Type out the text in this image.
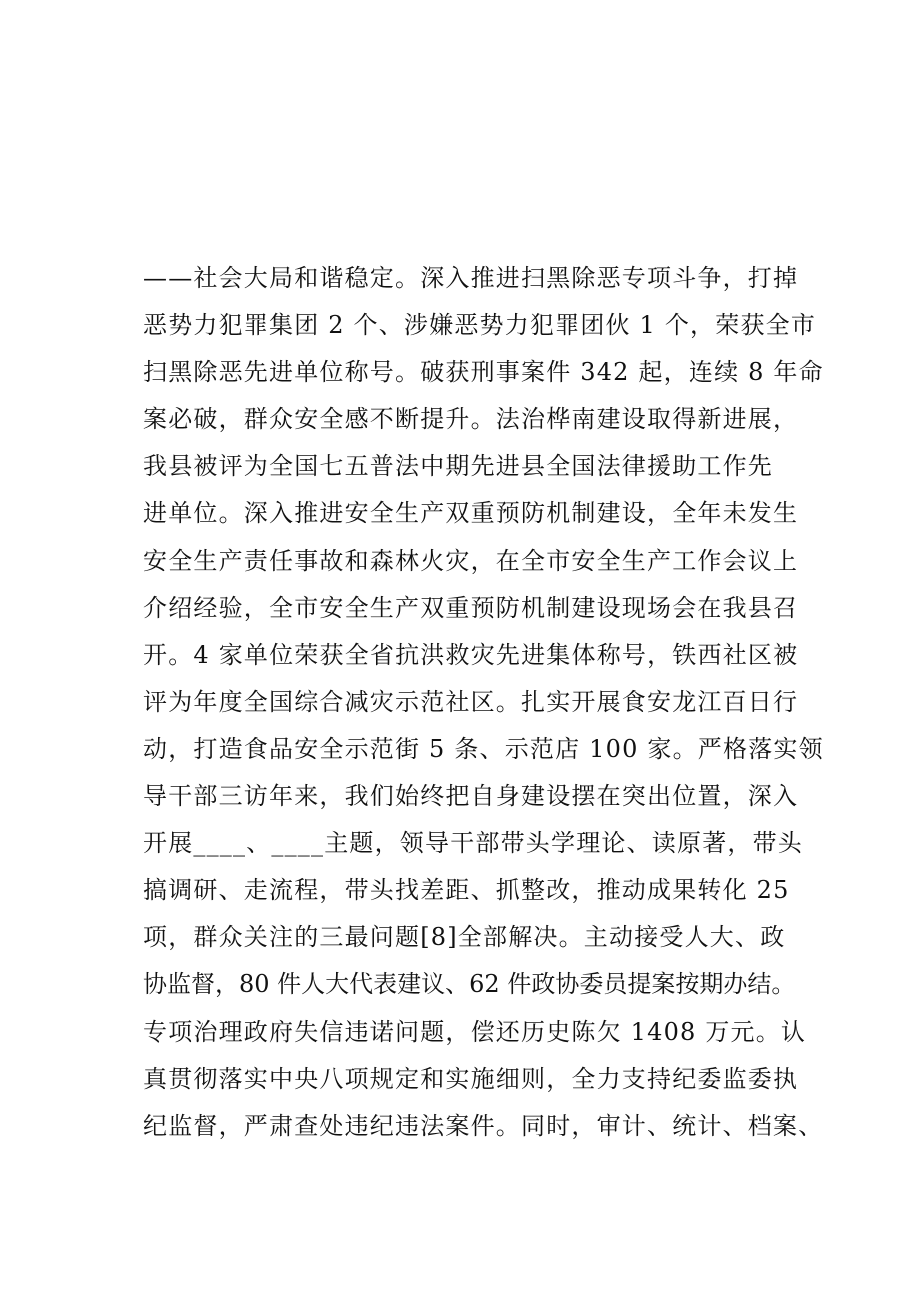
——社会大局和谐稳定。深入推进扫黑除恶专项斗争，打掉
恶势力犯罪集团 2 个、涉嫌恶势力犯罪团伙 1 个，荣获全市
扫黑除恶先进单位称号。破获刑事案件 342 起，连续 8 年命
案必破，群众安全感不断提升。法治桦南建设取得新进展，
我县被评为全国七五普法中期先进县全国法律援助工作先
进单位。深入推进安全生产双重预防机制建设，全年未发生
安全生产责任事故和森林火灾，在全市安全生产工作会议上
介绍经验，全市安全生产双重预防机制建设现场会在我县召
开。4 家单位荣获全省抗洪救灾先进集体称号，铁西社区被
评为年度全国综合减灾示范社区。扎实开展食安龙江百日行
动，打造食品安全示范街 5 条、示范店 100 家。严格落实领
导干部三访年来，我们始终把自身建设摆在突出位置，深入
开展____、____主题，领导干部带头学理论、读原著，带头
搞调研、走流程，带头找差距、抓整改，推动成果转化 25
项，群众关注的三最问题[8]全部解决。主动接受人大、政
协监督，80 件人大代表建议、62 件政协委员提案按期办结。
专项治理政府失信违诺问题，偿还历史陈欠 1408 万元。认
真贯彻落实中央八项规定和实施细则，全力支持纪委监委执
纪监督，严肃查处违纪违法案件。同时，审计、统计、档案、
